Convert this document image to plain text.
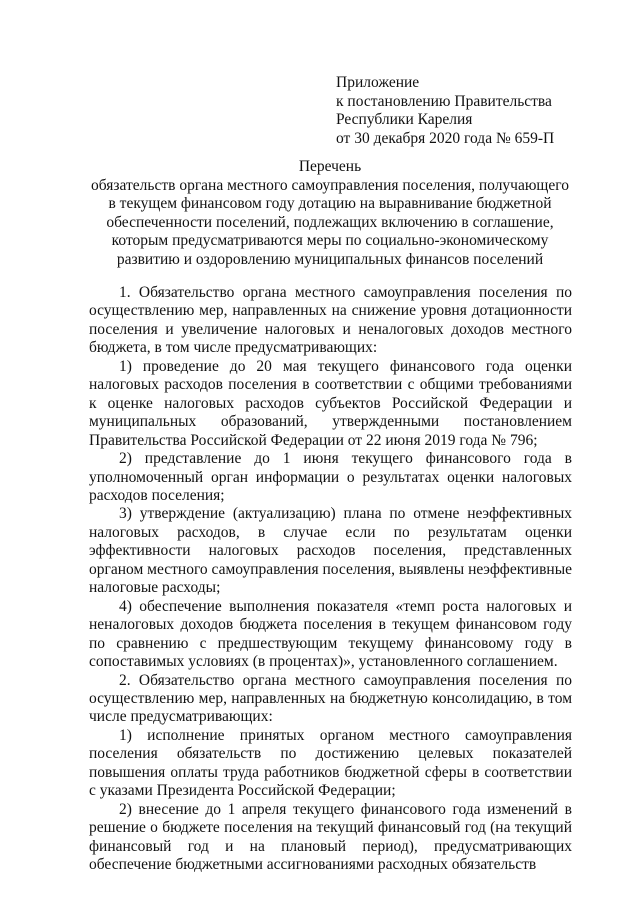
Приложение
к постановлению Правительства
Республики Карелия
от 30 декабря 2020 года № 659-П
Перечень
обязательств органа местного самоуправления поселения, получающего
в текущем финансовом году дотацию на выравнивание бюджетной
обеспеченности поселений, подлежащих включению в соглашение,
которым предусматриваются меры по социально-экономическому
развитию и оздоровлению муниципальных финансов поселений

1. Обязательство органа местного самоуправления поселения по осуществлению мер, направленных на снижение уровня дотационности поселения и увеличение налоговых и неналоговых доходов местного бюджета, в том числе предусматривающих:

1) проведение до 20 мая текущего финансового года оценки налоговых расходов поселения в соответствии с общими требованиями к оценке налоговых расходов субъектов Российской Федерации и муниципальных образований, утвержденными постановлением Правительства Российской Федерации от 22 июня 2019 года № 796;

2) представление до 1 июня текущего финансового года в уполномоченный орган информации о результатах оценки налоговых расходов поселения;

3) утверждение (актуализацию) плана по отмене неэффективных налоговых расходов, в случае если по результатам оценки эффективности налоговых расходов поселения, представленных органом местного самоуправления поселения, выявлены неэффективные налоговые расходы;

4) обеспечение выполнения показателя «темп роста налоговых и неналоговых доходов бюджета поселения в текущем финансовом году по сравнению с предшествующим текущему финансовому году в сопоставимых условиях (в процентах)», установленного соглашением.

2. Обязательство органа местного самоуправления поселения по осуществлению мер, направленных на бюджетную консолидацию, в том числе предусматривающих:

1) исполнение принятых органом местного самоуправления поселения обязательств по достижению целевых показателей повышения оплаты труда работников бюджетной сферы в соответствии с указами Президента Российской Федерации;

2) внесение до 1 апреля текущего финансового года изменений в решение о бюджете поселения на текущий финансовый год (на текущий финансовый год и на плановый период), предусматривающих обеспечение бюджетными ассигнованиями расходных обязательств
